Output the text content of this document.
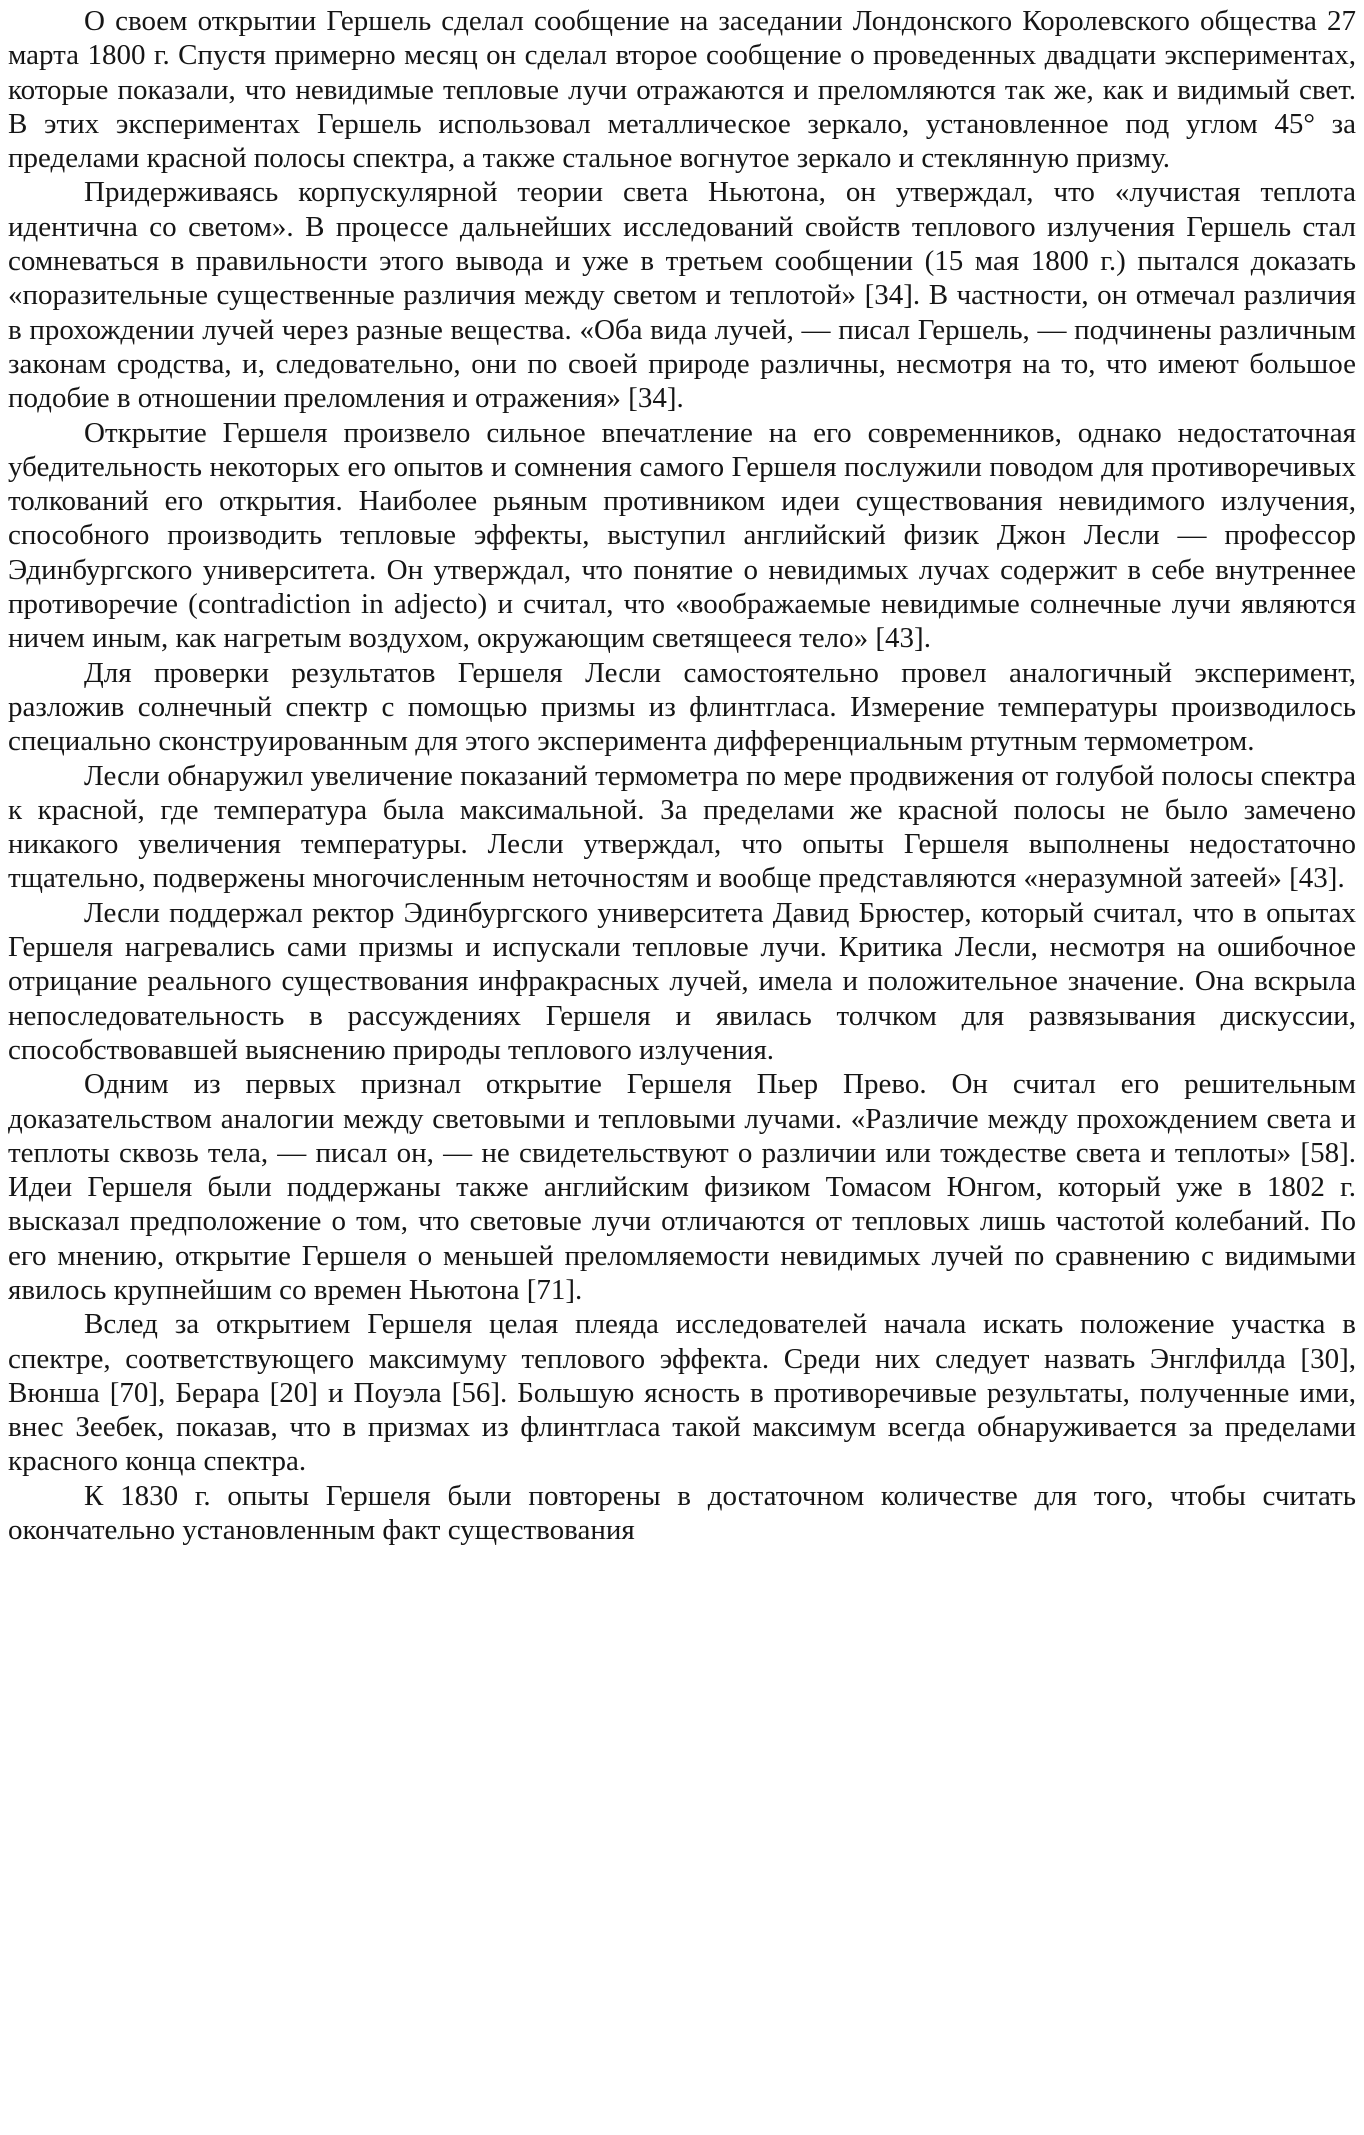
О своем открытии Гершель сделал сообщение на заседании Лондонского Королевского общества 27 марта 1800 г. Спустя примерно месяц он сделал второе сообщение о проведенных двадцати экспериментах, которые показали, что невидимые тепловые лучи отражаются и преломляются так же, как и видимый свет. В этих экспериментах Гершель использовал металлическое зеркало, установленное под углом 45° за пределами красной полосы спектра, а также стальное вогнутое зеркало и стеклянную призму.

Придерживаясь корпускулярной теории света Ньютона, он утверждал, что «лучистая теплота идентична со светом». В процессе дальнейших исследований свойств теплового излучения Гершель стал сомневаться в правильности этого вывода и уже в третьем сообщении (15 мая 1800 г.) пытался доказать «поразительные существенные различия между светом и теплотой» [34]. В частности, он отмечал различия в прохождении лучей через разные вещества. «Оба вида лучей, — писал Гершель, — подчинены различным законам сродства, и, следовательно, они по своей природе различны, несмотря на то, что имеют большое подобие в отношении преломления и отражения» [34].

Открытие Гершеля произвело сильное впечатление на его современников, однако недостаточная убедительность некоторых его опытов и сомнения самого Гершеля послужили поводом для противоречивых толкований его открытия. Наиболее рьяным противником идеи существования невидимого излучения, способного производить тепловые эффекты, выступил английский физик Джон Лесли — профессор Эдинбургского университета. Он утверждал, что понятие о невидимых лучах содержит в себе внутреннее противоречие (contradiction in adjecto) и считал, что «воображаемые невидимые солнечные лучи являются ничем иным, как нагретым воздухом, окружающим светящееся тело» [43].

Для проверки результатов Гершеля Лесли самостоятельно провел аналогичный эксперимент, разложив солнечный спектр с помощью призмы из флинтгласа. Измерение температуры производилось специально сконструированным для этого эксперимента дифференциальным ртутным термометром.

Лесли обнаружил увеличение показаний термометра по мере продвижения от голубой полосы спектра к красной, где температура была максимальной. За пределами же красной полосы не было замечено никакого увеличения температуры. Лесли утверждал, что опыты Гершеля выполнены недостаточно тщательно, подвержены многочисленным неточностям и вообще представляются «неразумной затеей» [43].

Лесли поддержал ректор Эдинбургского университета Давид Брюстер, который считал, что в опытах Гершеля нагревались сами призмы и испускали тепловые лучи. Критика Лесли, несмотря на ошибочное отрицание реального существования инфракрасных лучей, имела и положительное значение. Она вскрыла непоследовательность в рассуждениях Гершеля и явилась толчком для развязывания дискуссии, способствовавшей выяснению природы теплового излучения.

Одним из первых признал открытие Гершеля Пьер Прево. Он считал его решительным доказательством аналогии между световыми и тепловыми лучами. «Различие между прохождением света и теплоты сквозь тела, — писал он, — не свидетельствуют о различии или тождестве света и теплоты» [58]. Идеи Гершеля были поддержаны также английским физиком Томасом Юнгом, который уже в 1802 г. высказал предположение о том, что световые лучи отличаются от тепловых лишь частотой колебаний. По его мнению, открытие Гершеля о меньшей преломляемости невидимых лучей по сравнению с видимыми явилось крупнейшим со времен Ньютона [71].

Вслед за открытием Гершеля целая плеяда исследователей начала искать положение участка в спектре, соответствующего максимуму теплового эффекта. Среди них следует назвать Энглфилда [30], Вюнша [70], Берара [20] и Поуэла [56]. Большую ясность в противоречивые результаты, полученные ими, внес Зеебек, показав, что в призмах из флинтгласа такой максимум всегда обнаруживается за пределами красного конца спектра.

К 1830 г. опыты Гершеля были повторены в достаточном количестве для того, чтобы считать окончательно установленным факт существования
